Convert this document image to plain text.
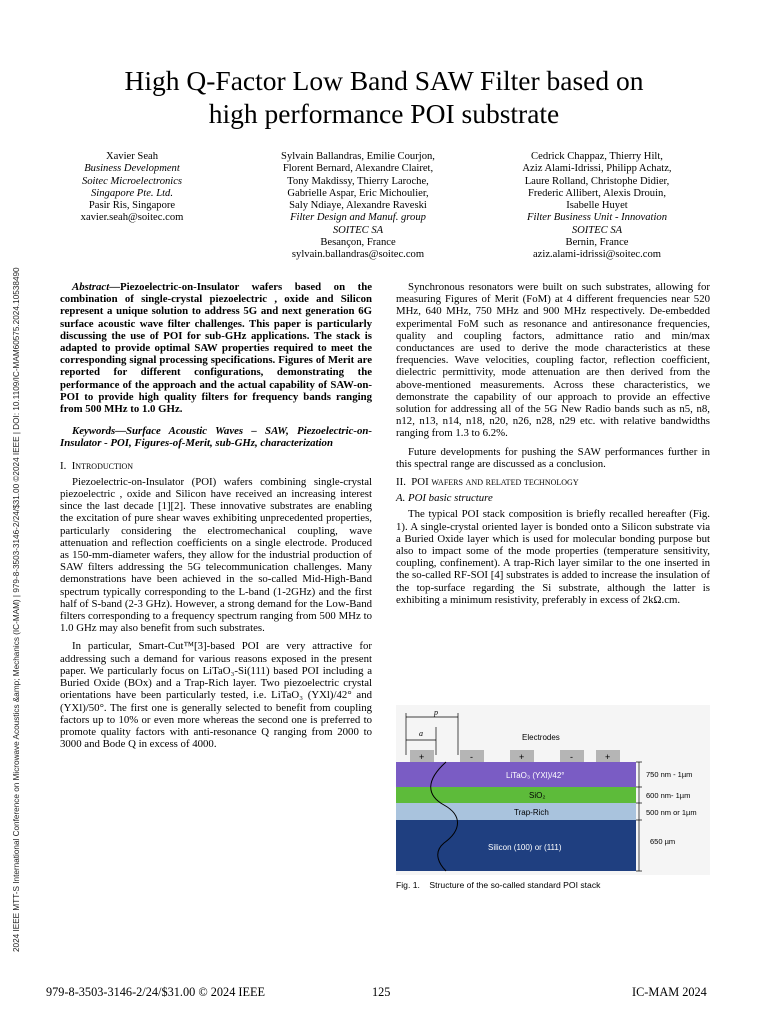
2024 IEEE MTT-S International Conference on Microwave Acoustics &amp; Mechanics (IC-MAM) | 979-8-3503-3146-2/24/$31.00 ©2024 IEEE | DOI: 10.1109/IC-MAM60575.2024.10538490
High Q-Factor Low Band SAW Filter based on
high performance POI substrate
Xavier Seah
Business Development
Soitec Microelectronics
Singapore Pte. Ltd.
Pasir Ris, Singapore
xavier.seah@soitec.com
Sylvain Ballandras, Emilie Courjon,
Florent Bernard, Alexandre Clairet,
Tony Makdissy, Thierry Laroche,
Gabrielle Aspar, Eric Michoulier,
Saly Ndiaye, Alexandre Raveski
Filter Design and Manuf. group
SOITEC SA
Besançon, France
sylvain.ballandras@soitec.com
Cedrick Chappaz, Thierry Hilt,
Aziz Alami-Idrissi, Philipp Achatz,
Laure Rolland, Christophe Didier,
Frederic Allibert, Alexis Drouin,
Isabelle Huyet
Filter Business Unit - Innovation
SOITEC SA
Bernin, France
aziz.alami-idrissi@soitec.com

Abstract—Piezoelectric-on-Insulator wafers based on the combination of single-crystal piezoelectric , oxide and Silicon represent a unique solution to address 5G and next generation 6G surface acoustic wave filter challenges. This paper is particularly discussing the use of POI for sub-GHz applications. The stack is adapted to provide optimal SAW properties required to meet the corresponding signal processing specifications. Figures of Merit are reported for different configurations, demonstrating the performance of the approach and the actual capability of SAW-on-POI to provide high quality filters for frequency bands ranging from 500 MHz to 1.0 GHz.

Keywords—Surface Acoustic Waves – SAW, Piezoelectric-on-Insulator - POI, Figures-of-Merit, sub-GHz, characterization

I. Introduction

Piezoelectric-on-Insulator (POI) wafers combining single-crystal piezoelectric , oxide and Silicon have received an increasing interest since the last decade [1][2]. These innovative substrates are enabling the excitation of pure shear waves exhibiting unprecedented properties, particularly considering the electromechanical coupling, wave attenuation and reflection coefficients on a single electrode. Produced as 150-mm-diameter wafers, they allow for the industrial production of SAW filters addressing the 5G telecommunication challenges. Many demonstrations have been achieved in the so-called Mid-High-Band spectrum typically corresponding to the L-band (1-2GHz) and the first half of S-band (2-3 GHz). However, a strong demand for the Low-Band filters corresponding to a frequency spectrum ranging from 500 MHz to 1.0 GHz may also benefit from such substrates.

In particular, Smart-Cut™[3]-based POI are very attractive for addressing such a demand for various reasons exposed in the present paper. We particularly focus on LiTaO₃-Si(111) based POI including a Buried Oxide (BOx) and a Trap-Rich layer. Two piezoelectric crystal orientations have been particularly tested, i.e. LiTaO₃ (YXl)/42° and (YXl)/50°. The first one is generally selected to benefit from coupling factors up to 10% or even more whereas the second one is preferred to promote quality factors with anti-resonance Q ranging from 2000 to 3000 and Bode Q in excess of 4000.

Synchronous resonators were built on such substrates, allowing for measuring Figures of Merit (FoM) at 4 different frequencies near 520 MHz, 640 MHz, 750 MHz and 900 MHz respectively. De-embedded experimental FoM such as resonance and antiresonance frequencies, quality and coupling factors, admittance ratio and min/max conductances are used to derive the mode characteristics at these frequencies. Wave velocities, coupling factor, reflection coefficient, dielectric permittivity, mode attenuation are then derived from the above-mentioned measurements. Across these characteristics, we demonstrate the capability of our approach to provide an effective solution for addressing all of the 5G New Radio bands such as n5, n8, n12, n13, n14, n18, n20, n26, n28, n29 etc. with relative bandwidths ranging from 1.3 to 6.2%.

Future developments for pushing the SAW performances further in this spectral range are discussed as a conclusion.

II. POI wafers and related technology

A. POI basic structure

The typical POI stack composition is briefly recalled hereafter (Fig. 1). A single-crystal oriented layer is bonded onto a Silicon substrate via a Buried Oxide layer which is used for molecular bonding purpose but also to impact some of the mode properties (temperature sensitivity, coupling, confinement). A trap-Rich layer similar to the one inserted in the so-called RF-SOI [4] substrates is added to increase the insulation of the top-surface regarding the Si substrate, although the latter is exhibiting a minimum resistivity, preferably in excess of 2kΩ.cm.

p
a	Electrodes
+	-	+	-	+
LiTaO₃ (YXl)/42°
SiO₂
Trap-Rich
Silicon (100) or (111)
750 nm - 1µm
600 nm- 1µm
500 nm or 1µm
650 µm
Fig. 1.    Structure of the so-called standard POI stack
979-8-3503-3146-2/24/$31.00 © 2024 IEEE	125	IC-MAM 2024
